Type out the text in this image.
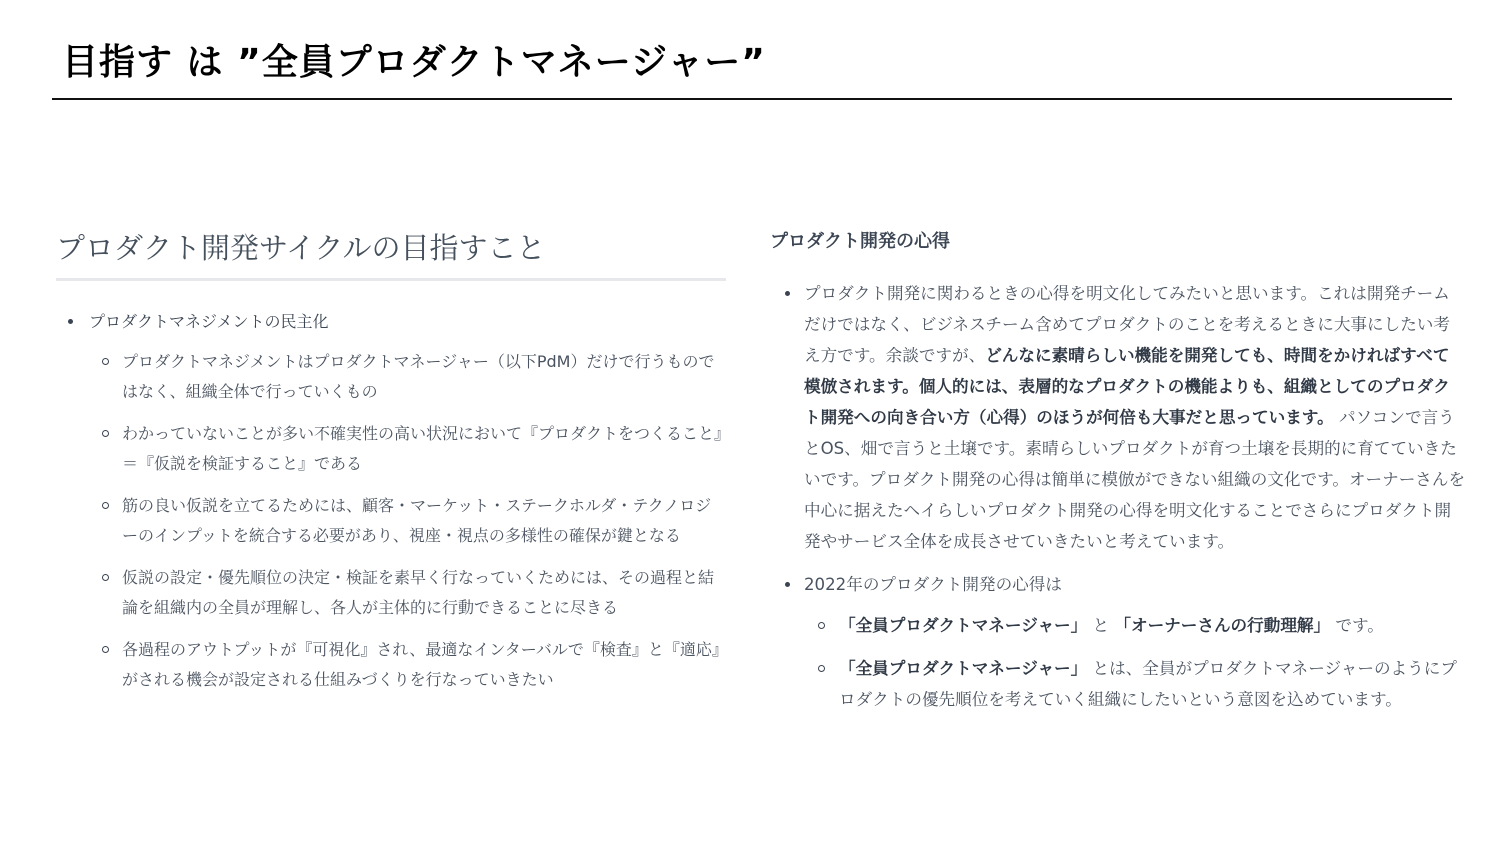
目指す は ”全員プロダクトマネージャー”
プロダクト開発サイクルの目指すこと
プロダクトマネジメントの民主化
プロダクトマネジメントはプロダクトマネージャー（以下PdM）だけで行うものではなく、組織全体で行っていくもの
わかっていないことが多い不確実性の高い状況において『プロダクトをつくること』＝『仮説を検証すること』である
筋の良い仮説を立てるためには、顧客・マーケット・ステークホルダ・テクノロジーのインプットを統合する必要があり、視座・視点の多様性の確保が鍵となる
仮説の設定・優先順位の決定・検証を素早く行なっていくためには、その過程と結論を組織内の全員が理解し、各人が主体的に行動できることに尽きる
各過程のアウトプットが『可視化』され、最適なインターバルで『検査』と『適応』がされる機会が設定される仕組みづくりを行なっていきたい
プロダクト開発の心得
プロダクト開発に関わるときの心得を明文化してみたいと思います。これは開発チームだけではなく、ビジネスチーム含めてプロダクトのことを考えるときに大事にしたい考え方です。余談ですが、どんなに素晴らしい機能を開発しても、時間をかければすべて模倣されます。個人的には、表層的なプロダクトの機能よりも、組織としてのプロダクト開発への向き合い方（心得）のほうが何倍も大事だと思っています。 パソコンで言うとOS、畑で言うと土壌です。素晴らしいプロダクトが育つ土壌を長期的に育てていきたいです。プロダクト開発の心得は簡単に模倣ができない組織の文化です。オーナーさんを中心に据えたヘイらしいプロダクト開発の心得を明文化することでさらにプロダクト開発やサービス全体を成長させていきたいと考えています。
2022年のプロダクト開発の心得は
「全員プロダクトマネージャー」 と 「オーナーさんの行動理解」 です。
「全員プロダクトマネージャー」 とは、全員がプロダクトマネージャーのようにプロダクトの優先順位を考えていく組織にしたいという意図を込めています。
